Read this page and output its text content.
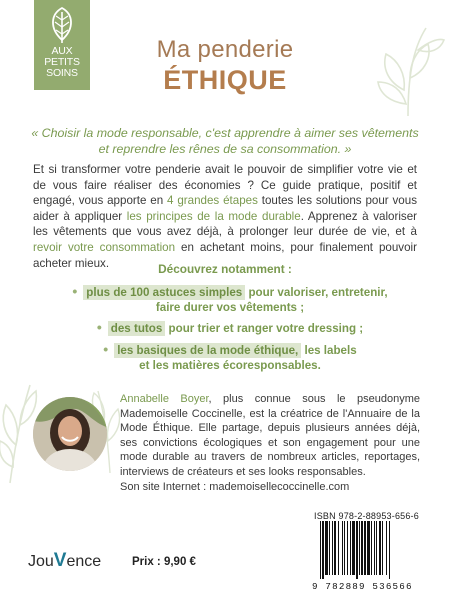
AUX
PETITS
SOINS
Ma penderie
ÉTHIQUE
« Choisir la mode responsable, c'est apprendre à aimer ses vêtements
et reprendre les rênes de sa consommation. »
Et si transformer votre penderie avait le pouvoir de simplifier votre vie et de vous faire réaliser des économies ? Ce guide pratique, positif et engagé, vous apporte en 4 grandes étapes toutes les solutions pour vous aider à appliquer les principes de la mode durable. Apprenez à valoriser les vêtements que vous avez déjà, à prolonger leur durée de vie, et à revoir votre consommation en achetant moins, pour finalement pouvoir acheter mieux.	Découvrez notamment :
• plus de 100 astuces simples pour valoriser, entretenir,
faire durer vos vêtements ;
• des tutos pour trier et ranger votre dressing ;
• les basiques de la mode éthique, les labels
et les matières écoresponsables.
Annabelle Boyer, plus connue sous le pseudonyme Mademoiselle Coccinelle, est la créatrice de l'Annuaire de la Mode Éthique. Elle partage, depuis plusieurs années déjà, ses convictions écologiques et son engagement pour une mode durable au travers de nombreux articles, reportages, interviews de créateurs et ses looks responsables.
Son site Internet : mademoisellecoccinelle.com
ISBN 978-2-88953-656-6
9 782889 536566
JouVence	Prix : 9,90 €
